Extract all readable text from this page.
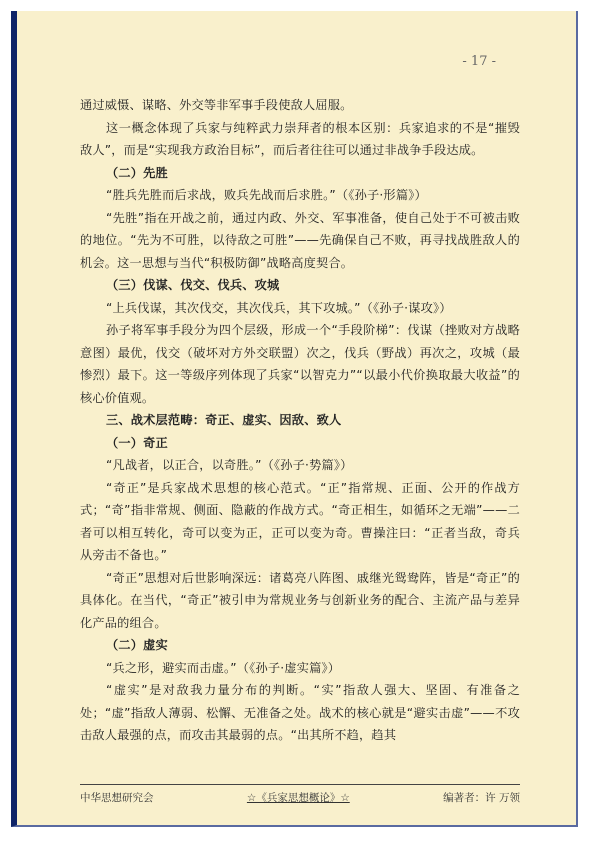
- 17 -

通过威慑、谋略、外交等非军事手段使敌人屈服。

这一概念体现了兵家与纯粹武力崇拜者的根本区别：兵家追求的不是“摧毁敌人”，而是“实现我方政治目标”，而后者往往可以通过非战争手段达成。

（二）先胜

“胜兵先胜而后求战，败兵先战而后求胜。”（《孙子·形篇》）

“先胜”指在开战之前，通过内政、外交、军事准备，使自己处于不可被击败的地位。“先为不可胜，以待敌之可胜”——先确保自己不败，再寻找战胜敌人的机会。这一思想与当代“积极防御”战略高度契合。

（三）伐谋、伐交、伐兵、攻城

“上兵伐谋，其次伐交，其次伐兵，其下攻城。”（《孙子·谋攻》）

孙子将军事手段分为四个层级，形成一个“手段阶梯”：伐谋（挫败对方战略意图）最优，伐交（破坏对方外交联盟）次之，伐兵（野战）再次之，攻城（最惨烈）最下。这一等级序列体现了兵家“以智克力”“以最小代价换取最大收益”的核心价值观。

三、战术层范畴：奇正、虚实、因敌、致人

（一）奇正

“凡战者，以正合，以奇胜。”（《孙子·势篇》）

“奇正”是兵家战术思想的核心范式。“正”指常规、正面、公开的作战方式；“奇”指非常规、侧面、隐蔽的作战方式。“奇正相生，如循环之无端”——二者可以相互转化，奇可以变为正，正可以变为奇。曹操注曰：“正者当敌，奇兵从旁击不备也。”

“奇正”思想对后世影响深远：诸葛亮八阵图、戚继光鸳鸯阵，皆是“奇正”的具体化。在当代，“奇正”被引申为常规业务与创新业务的配合、主流产品与差异化产品的组合。

（二）虚实

“兵之形，避实而击虚。”（《孙子·虚实篇》）

“虚实”是对敌我力量分布的判断。“实”指敌人强大、坚固、有准备之处；“虚”指敌人薄弱、松懈、无准备之处。战术的核心就是“避实击虚”——不攻击敌人最强的点，而攻击其最弱的点。“出其所不趋，趋其

中华思想研究会	☆《兵家思想概论》☆	编著者：许 万领
